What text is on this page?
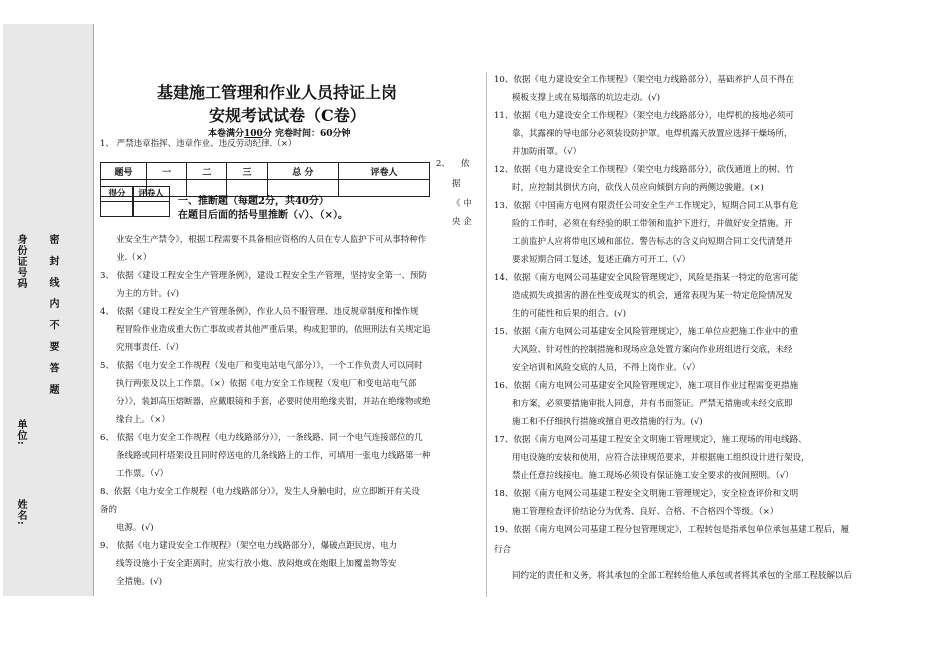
身份证号码 密 封 线 内 不 要 答 题
单位:
姓名:
基建施工管理和作业人员持证上岗
安规考试试卷（C卷）
本卷满分100分 完卷时间：60分钟
1、 严禁违章指挥、违章作业、违反劳动纪律.（×）
业安全生产禁令》，根据工程需要不具备相应资格的人员在专人监护下可从事特种作
业.（×）
3、 依据《建设工程安全生产管理条例》，建设工程安全生产管理，坚持安全第一、预防
为主的方针。(√)
4、 依据《建设工程安全生产管理条例》，作业人员不服管理、违反规章制度和操作规
程冒险作业造成重大伤亡事故或者其他严重后果，构成犯罪的，依照刑法有关规定追
究刑事责任.（√）
5、 依据《电力安全工作规程（发电厂和变电站电气部分）》，一个工作负责人可以同时
执行两张及以上工作票。（×）依据《电力安全工作规程（发电厂和变电站电气部
分）》，装卸高压熔断器，应戴眼镜和手套，必要时使用绝缘夹钳，并站在绝缘物或绝
缘台上。（×）
6、 依据《电力安全工作规程（电力线路部分）》，一条线路、同一个电气连接部位的几
条线路或同杆塔架设且同时停送电的几条线路上的工作，可填用一张电力线路第一种
工作票。（√）
8、依据《电力安全工作规程（电力线路部分）》，发生人身触电时，应立即断开有关设
备的
电源。(√)
9、 依据《电力建设安全工作规程》（架空电力线路部分），爆破点距民房、电力
线等设施小于安全距离时，应实行放小炮、放闷炮或在炮眼上加覆盖物等安
全措施。(√)
2、 依
据
《 中
央 企
题号	一	二	三	总 分	评卷人

得分	评卷人
一、推断题（每题2分，共40分）
在题目后面的括号里推断（√）、（×）。
10、依据《电力建设安全工作规程》（架空电力线路部分），基础养护人员不得在
模板支撑上或在易塌落的坑边走动。(√)
11、依据《电力建设安全工作规程》（架空电力线路部分），电焊机的接地必须可
靠，其露裸的导电部分必须装设防护罩。电焊机露天放置应选择干燥场所，
并加防雨罩。（√）
12、依据《电力建设安全工作规程》（架空电力线路部分），砍伐通道上的树、竹
时，应控制其倒伏方向，砍伐人员应向倾倒方向的两侧边骏避。(×)
13、依据《中国南方电网有限责任公司安全生产工作规定》，短期合同工从事有危
险的工作时，必须在有经验的职工带领和监护下进行，并做好安全措施。开
工前监护人应将带电区域和部位、警告标志的含义向短期合同工交代清楚并
要求短期合同工复述，复述正确方可开工.（√）
14、依据《南方电网公司基建安全风险管理规定》，风险是指某一特定的危害可能
造成损失或损害的潜在性变成现实的机会，通常表现为某一特定危险情况发
生的可能性和后果的组合。(√)
15、依据《南方电网公司基建安全风险管理规定》，施工单位应把施工作业中的重
大风险、针对性的控制措施和现场应急处置方案向作业班组进行交底，未经
安全培训和风险交底的人员，不得上岗作业。（√）
16、依据《南方电网公司基建安全风险管理规定》，施工项目作业过程需变更措施
和方案，必须要措施审批人同意，并有书面签证。严禁无措施或未经交底即
施工和不仔细执行措施或擅自更改措施的行为。(√)
17、依据《南方电网公司基建工程安全文明施工管理规定》，施工现场的用电线路、
用电设施的安装和使用，应符合法律规范要求，并根据施工组织设计进行架设，
禁止任意拉线接电。施工现场必须设有保证施工安全要求的夜间照明。（√）
18、依据《南方电网公司基建工程安全文明施工管理规定》，安全检查评价和文明
施工管理检查评价结论分为优秀、良好、合格、不合格四个等级。（×）
19、依据《南方电网公司基建工程分包管理规定》，工程转包是指承包单位承包基建工程后，履
行合
同约定的责任和义务，将其承包的全部工程转给他人承包或者将其承包的全部工程肢解以后
